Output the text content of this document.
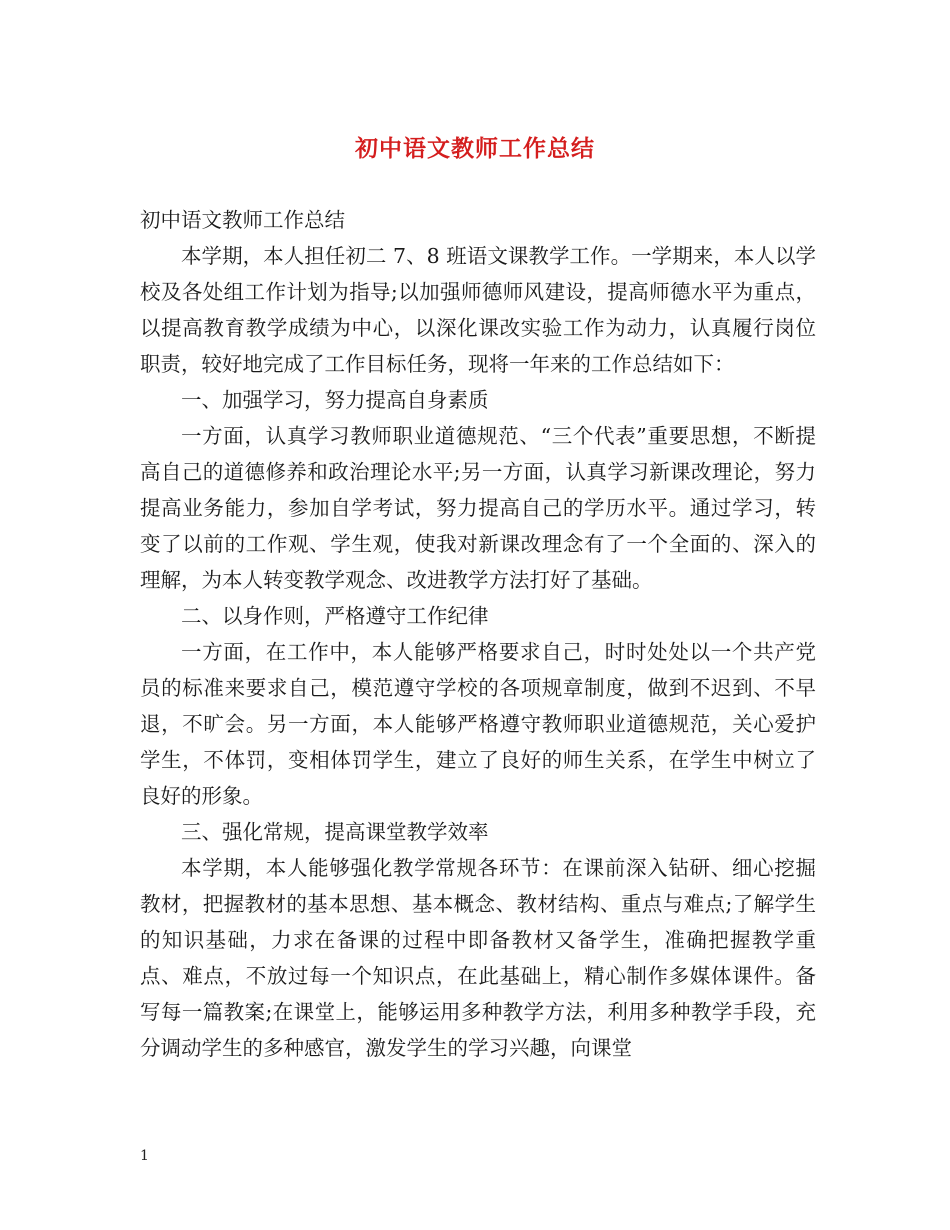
初中语文教师工作总结

初中语文教师工作总结

本学期，本人担任初二 7、8 班语文课教学工作。一学期来，本人以学校及各处组工作计划为指导;以加强师德师风建设，提高师德水平为重点，以提高教育教学成绩为中心，以深化课改实验工作为动力，认真履行岗位职责，较好地完成了工作目标任务，现将一年来的工作总结如下：

一、加强学习，努力提高自身素质

一方面，认真学习教师职业道德规范、“三个代表”重要思想，不断提高自己的道德修养和政治理论水平;另一方面，认真学习新课改理论，努力提高业务能力，参加自学考试，努力提高自己的学历水平。通过学习，转变了以前的工作观、学生观，使我对新课改理念有了一个全面的、深入的理解，为本人转变教学观念、改进教学方法打好了基础。

二、以身作则，严格遵守工作纪律

一方面，在工作中，本人能够严格要求自己，时时处处以一个共产党员的标准来要求自己，模范遵守学校的各项规章制度，做到不迟到、不早退，不旷会。另一方面，本人能够严格遵守教师职业道德规范，关心爱护学生，不体罚，变相体罚学生，建立了良好的师生关系，在学生中树立了良好的形象。

三、强化常规，提高课堂教学效率

本学期，本人能够强化教学常规各环节：在课前深入钻研、细心挖掘教材，把握教材的基本思想、基本概念、教材结构、重点与难点;了解学生的知识基础，力求在备课的过程中即备教材又备学生，准确把握教学重点、难点，不放过每一个知识点，在此基础上，精心制作多媒体课件。备写每一篇教案;在课堂上，能够运用多种教学方法，利用多种教学手段，充分调动学生的多种感官，激发学生的学习兴趣，向课堂

1
